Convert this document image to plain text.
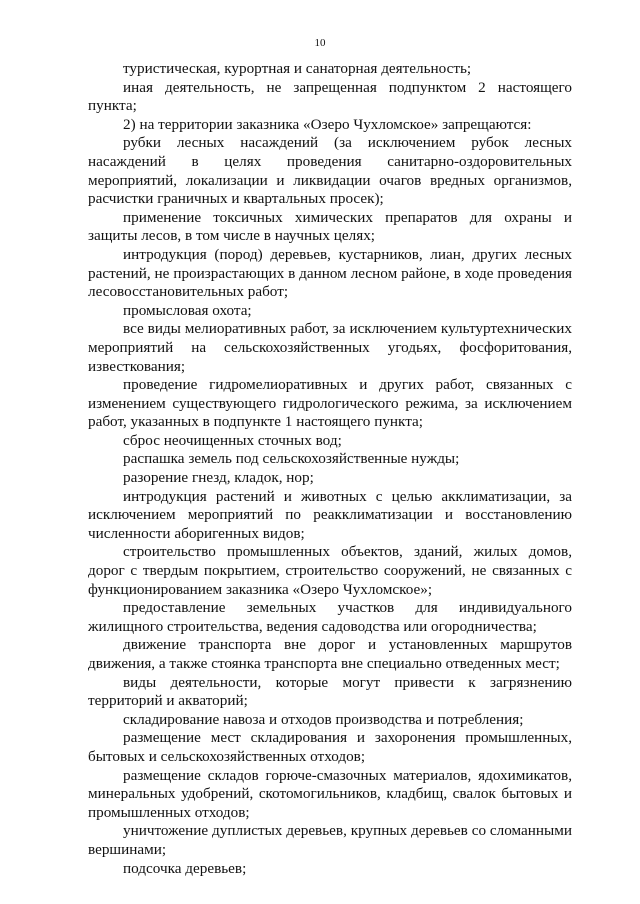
10

туристическая, курортная и санаторная деятельность;

иная деятельность, не запрещенная подпунктом 2 настоящего пункта;

2) на территории заказника «Озеро Чухломское» запрещаются:

рубки лесных насаждений (за исключением рубок лесных насаждений в целях проведения санитарно-оздоровительных мероприятий, локализации и ликвидации очагов вредных организмов, расчистки граничных и квартальных просек);

применение токсичных химических препаратов для охраны и защиты лесов, в том числе в научных целях;

интродукция (пород) деревьев, кустарников, лиан, других лесных растений, не произрастающих в данном лесном районе, в ходе проведения лесовосстановительных работ;

промысловая охота;

все виды мелиоративных работ, за исключением культуртехнических мероприятий на сельскохозяйственных угодьях, фосфоритования, известкования;

проведение гидромелиоративных и других работ, связанных с изменением существующего гидрологического режима, за исключением работ, указанных в подпункте 1 настоящего пункта;

сброс неочищенных сточных вод;

распашка земель под сельскохозяйственные нужды;

разорение гнезд, кладок, нор;

интродукция растений и животных с целью акклиматизации, за исключением мероприятий по реакклиматизации и восстановлению численности аборигенных видов;

строительство промышленных объектов, зданий, жилых домов, дорог с твердым покрытием, строительство сооружений, не связанных с функционированием заказника «Озеро Чухломское»;

предоставление земельных участков для индивидуального жилищного строительства, ведения садоводства или огородничества;

движение транспорта вне дорог и установленных маршрутов движения, а также стоянка транспорта вне специально отведенных мест;

виды деятельности, которые могут привести к загрязнению территорий и акваторий;

складирование навоза и отходов производства и потребления;

размещение мест складирования и захоронения промышленных, бытовых и сельскохозяйственных отходов;

размещение складов горюче-смазочных материалов, ядохимикатов, минеральных удобрений, скотомогильников, кладбищ, свалок бытовых и промышленных отходов;

уничтожение дуплистых деревьев, крупных деревьев со сломанными вершинами;

подсочка деревьев;
